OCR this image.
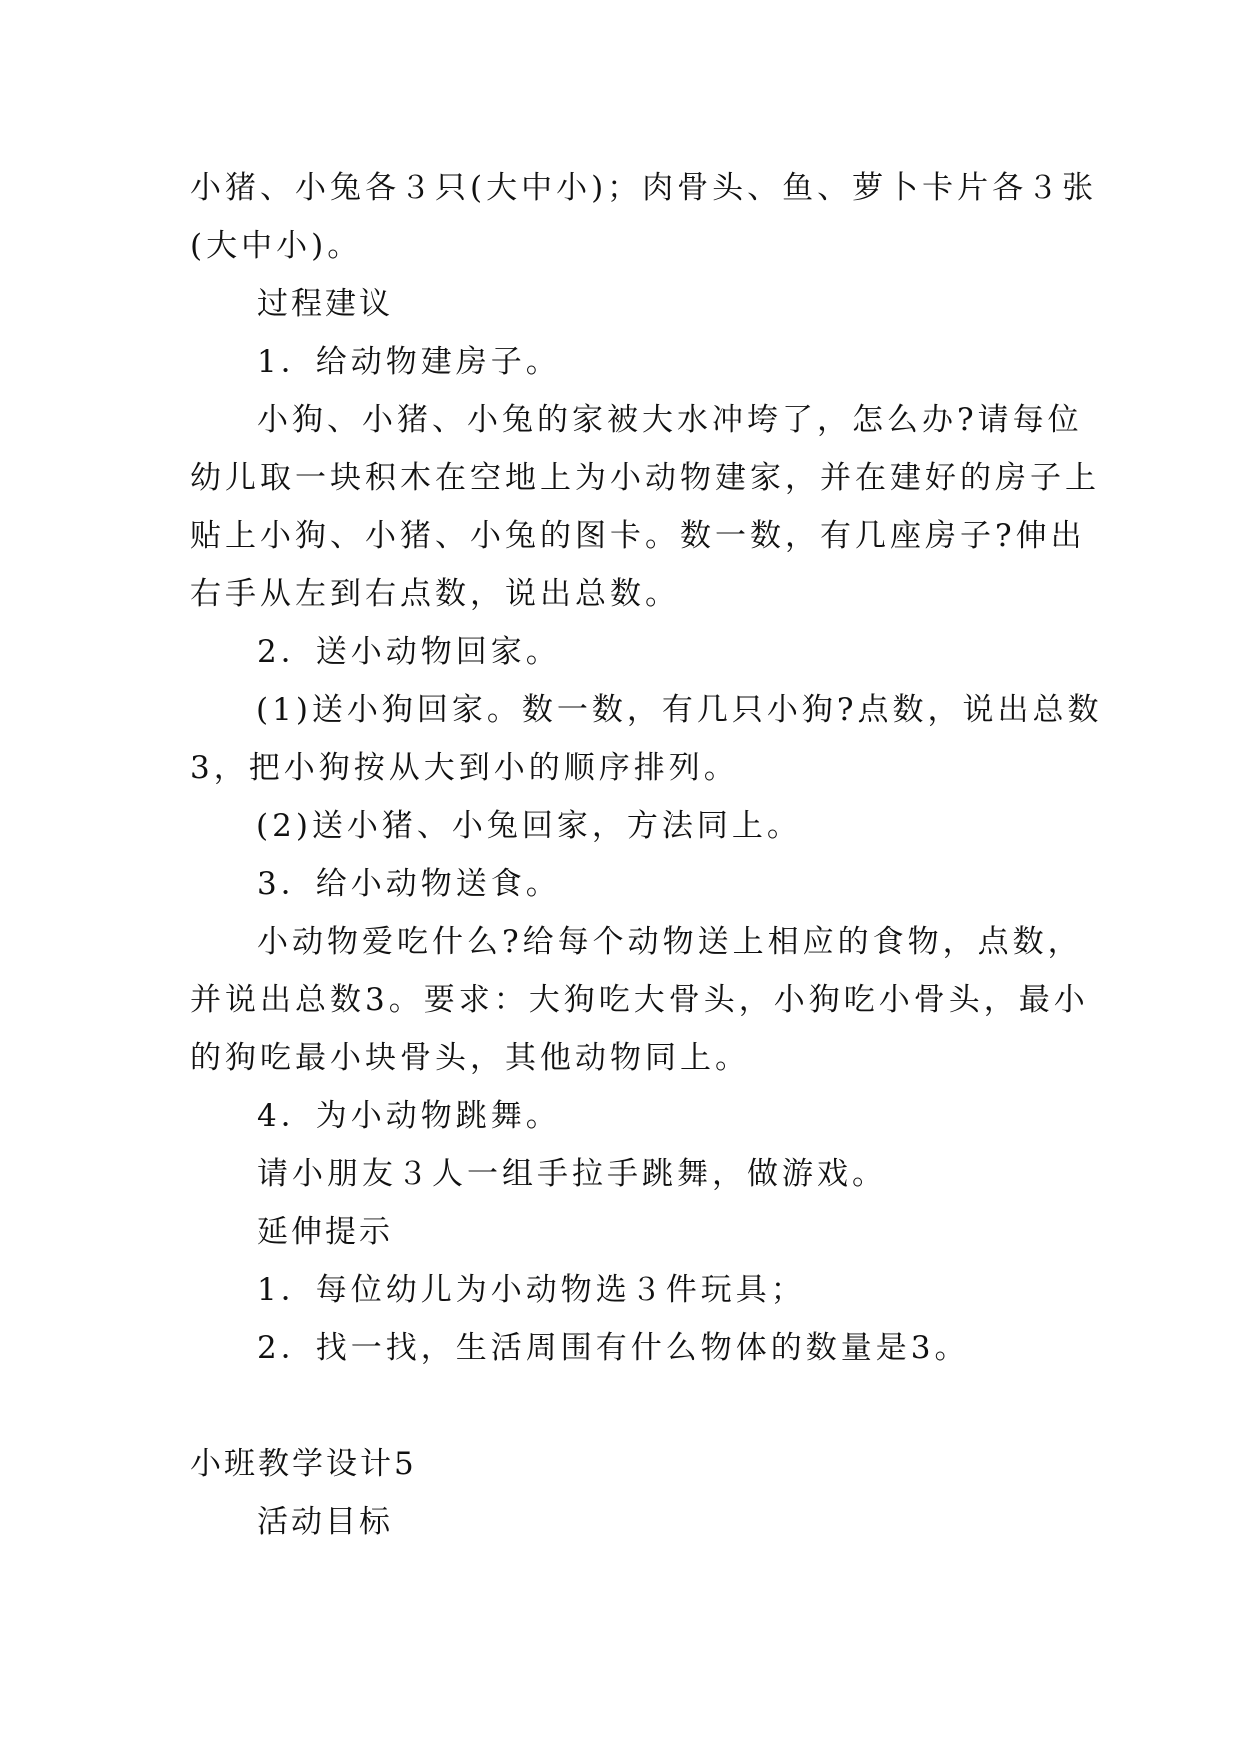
小猪、小兔各３只(大中小)；肉骨头、鱼、萝卜卡片各３张
(大中小)。
过程建议
1．给动物建房子。
小狗、小猪、小兔的家被大水冲垮了，怎么办?请每位
幼儿取一块积木在空地上为小动物建家，并在建好的房子上
贴上小狗、小猪、小兔的图卡。数一数，有几座房子?伸出
右手从左到右点数，说出总数。
2．送小动物回家。
(1)送小狗回家。数一数，有几只小狗?点数，说出总数
3，把小狗按从大到小的顺序排列。
(2)送小猪、小兔回家，方法同上。
3．给小动物送食。
小动物爱吃什么?给每个动物送上相应的食物，点数，
并说出总数3。要求：大狗吃大骨头，小狗吃小骨头，最小
的狗吃最小块骨头，其他动物同上。
4．为小动物跳舞。
请小朋友３人一组手拉手跳舞，做游戏。
延伸提示
1．每位幼儿为小动物选３件玩具；
2．找一找，生活周围有什么物体的数量是3。
小班教学设计5
活动目标
